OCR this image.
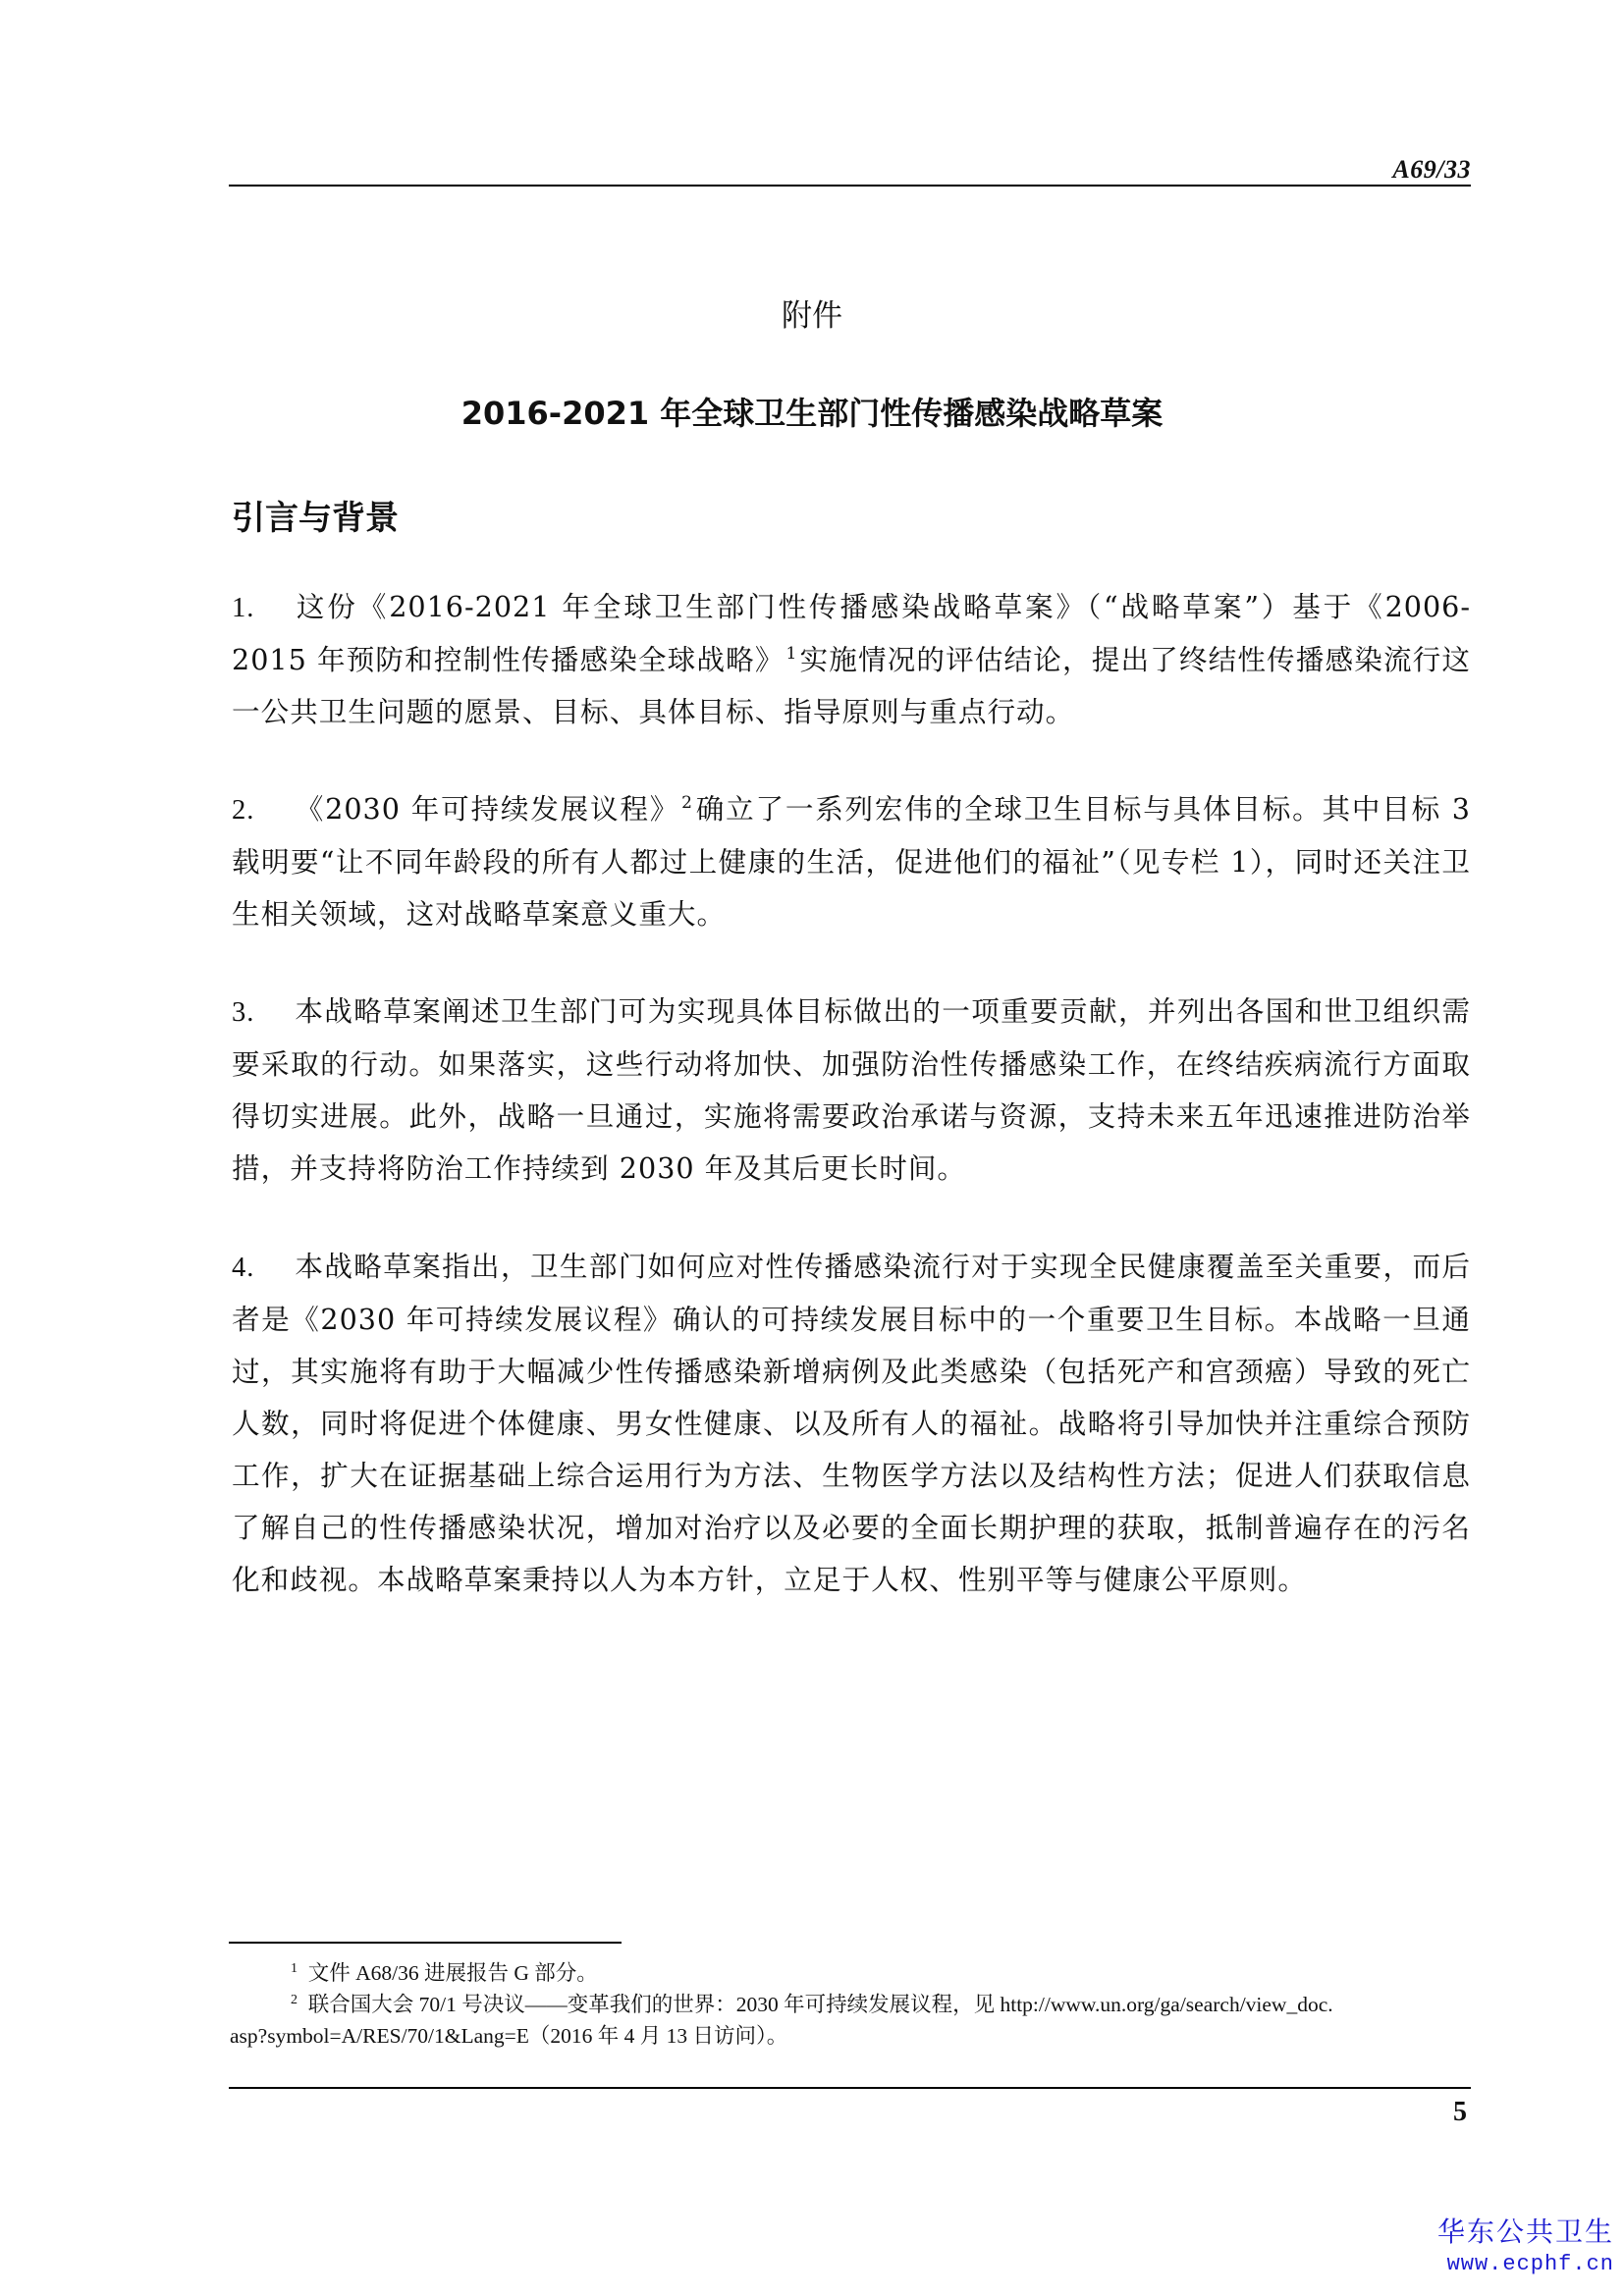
A69/33
附件
2016-2021 年全球卫生部门性传播感染战略草案
引言与背景

1. 这份《2016-2021 年全球卫生部门性传播感染战略草案》（“战略草案”）基于《2006-2015 年预防和控制性传播感染全球战略》 $^1$实施情况的评估结论，提出了终结性传播感染流行这一公共卫生问题的愿景、目标、具体目标、指导原则与重点行动。

2. 《2030 年可持续发展议程》 $^2$确立了一系列宏伟的全球卫生目标与具体目标。其中目标 3 载明要“让不同年龄段的所有人都过上健康的生活，促进他们的福祉”（见专栏 1），同时还关注卫生相关领域，这对战略草案意义重大。

3. 本战略草案阐述卫生部门可为实现具体目标做出的一项重要贡献，并列出各国和世卫组织需要采取的行动。如果落实，这些行动将加快、加强防治性传播感染工作，在终结疾病流行方面取得切实进展。此外，战略一旦通过，实施将需要政治承诺与资源，支持未来五年迅速推进防治举措，并支持将防治工作持续到 2030 年及其后更长时间。

4. 本战略草案指出，卫生部门如何应对性传播感染流行对于实现全民健康覆盖至关重要，而后者是《2030 年可持续发展议程》确认的可持续发展目标中的一个重要卫生目标。本战略一旦通过，其实施将有助于大幅减少性传播感染新增病例及此类感染（包括死产和宫颈癌）导致的死亡人数，同时将促进个体健康、男女性健康、以及所有人的福祉。战略将引导加快并注重综合预防工作，扩大在证据基础上综合运用行为方法、生物医学方法以及结构性方法；促进人们获取信息了解自己的性传播感染状况，增加对治疗以及必要的全面长期护理的获取，抵制普遍存在的污名化和歧视。本战略草案秉持以人为本方针，立足于人权、性别平等与健康公平原则。

$^1$ 文件 A68/36 进展报告 G 部分。
$^2$ 联合国大会 70/1 号决议——变革我们的世界：2030 年可持续发展议程，见 http://www.un.org/ga/search/view_doc.
asp?symbol=A/RES/70/1&Lang=E（2016 年 4 月 13 日访问）。
5
华东公共卫生
www.ecphf.cn
